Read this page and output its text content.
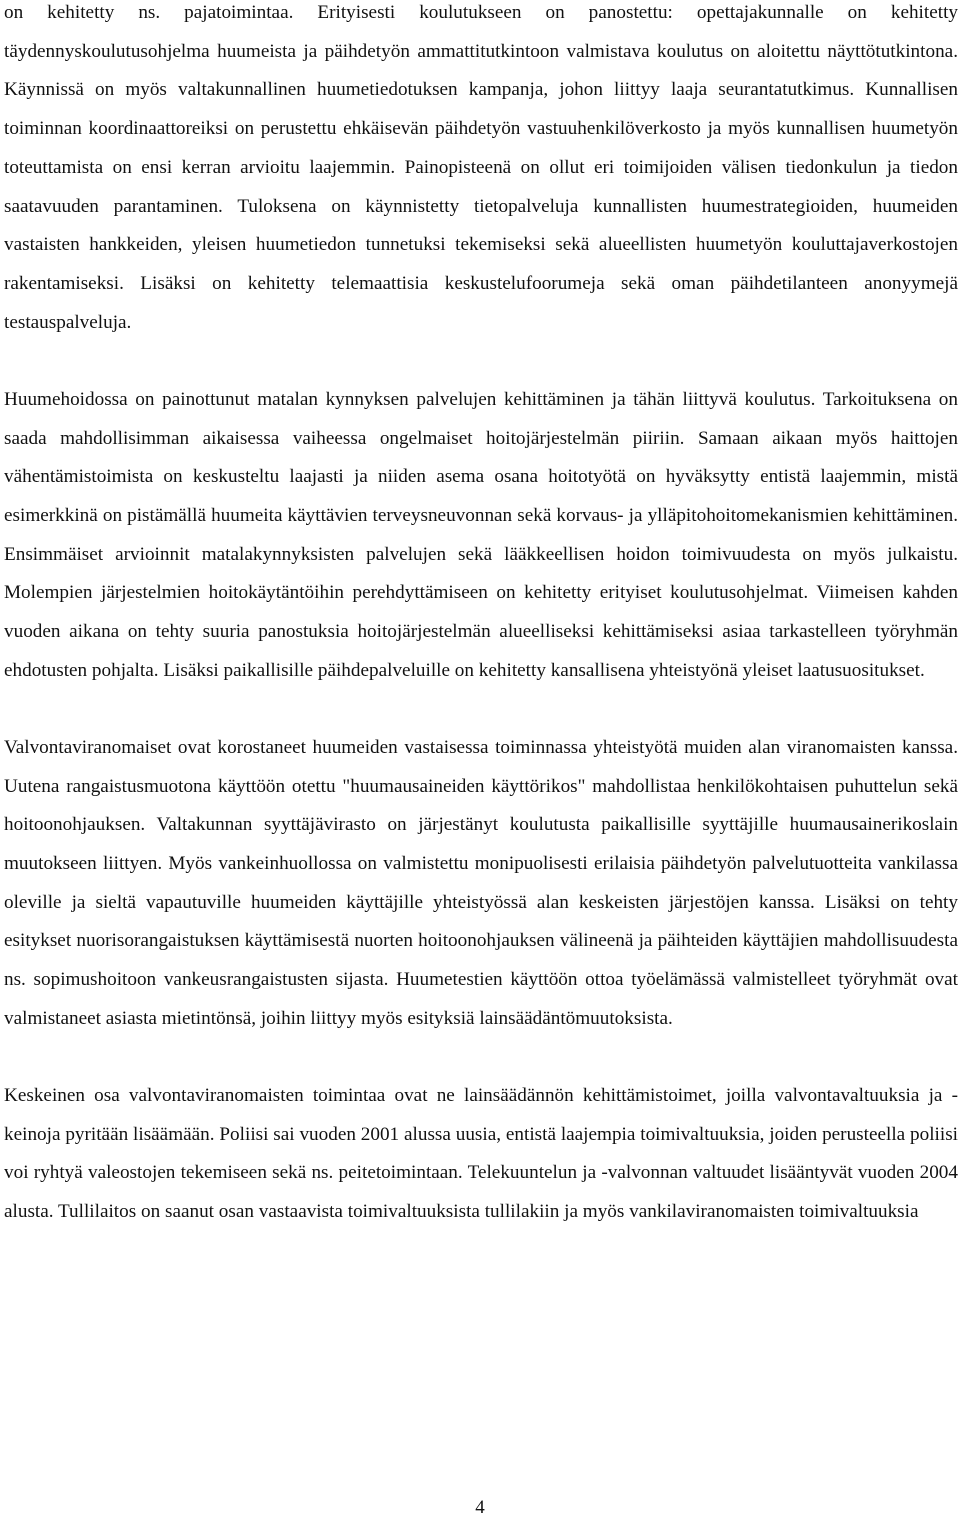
on kehitetty ns. pajatoimintaa. Erityisesti koulutukseen on panostettu: opettajakunnalle on kehitetty täydennyskoulutusohjelma huumeista ja päihdetyön ammattitutkintoon valmistava koulutus on aloitettu näyttötutkintona. Käynnissä on myös valtakunnallinen huumetiedotuksen kampanja, johon liittyy laaja seurantatutkimus. Kunnallisen toiminnan koordinaattoreiksi on perustettu ehkäisevän päihdetyön vastuuhenkilöverkosto ja myös kunnallisen huumetyön toteuttamista on ensi kerran arvioitu laajemmin. Painopisteenä on ollut eri toimijoiden välisen tiedonkulun ja tiedon saatavuuden parantaminen. Tuloksena on käynnistetty tietopalveluja kunnallisten huumestrategioiden, huumeiden vastaisten hankkeiden, yleisen huumetiedon tunnetuksi tekemiseksi sekä alueellisten huumetyön kouluttajaverkostojen rakentamiseksi. Lisäksi on kehitetty telemaattisia keskustelufoorumeja sekä oman päihdetilanteen anonyymejä testauspalveluja.

Huumehoidossa on painottunut matalan kynnyksen palvelujen kehittäminen ja tähän liittyvä koulutus. Tarkoituksena on saada mahdollisimman aikaisessa vaiheessa ongelmaiset hoitojärjestelmän piiriin. Samaan aikaan myös haittojen vähentämistoimista on keskusteltu laajasti ja niiden asema osana hoitotyötä on hyväksytty entistä laajemmin, mistä esimerkkinä on pistämällä huumeita käyttävien terveysneuvonnan sekä korvaus- ja ylläpitohoitomekanismien kehittäminen. Ensimmäiset arvioinnit matalakynnyksisten palvelujen sekä lääkkeellisen hoidon toimivuudesta on myös julkaistu. Molempien järjestelmien hoitokäytäntöihin perehdyttämiseen on kehitetty erityiset koulutusohjelmat. Viimeisen kahden vuoden aikana on tehty suuria panostuksia hoitojärjestelmän alueelliseksi kehittämiseksi asiaa tarkastelleen työryhmän ehdotusten pohjalta. Lisäksi paikallisille päihdepalveluille on kehitetty kansallisena yhteistyönä yleiset laatusuositukset.

Valvontaviranomaiset ovat korostaneet huumeiden vastaisessa toiminnassa yhteistyötä muiden alan viranomaisten kanssa. Uutena rangaistusmuotona käyttöön otettu "huumausaineiden käyttörikos" mahdollistaa henkilökohtaisen puhuttelun sekä hoitoonohjauksen. Valtakunnan syyttäjävirasto on järjestänyt koulutusta paikallisille syyttäjille huumausainerikoslain muutokseen liittyen. Myös vankeinhuollossa on valmistettu monipuolisesti erilaisia päihdetyön palvelutuotteita vankilassa oleville ja sieltä vapautuville huumeiden käyttäjille yhteistyössä alan keskeisten järjestöjen kanssa. Lisäksi on tehty esitykset nuorisorangaistuksen käyttämisestä nuorten hoitoonohjauksen välineenä ja päihteiden käyttäjien mahdollisuudesta ns. sopimushoitoon vankeusrangaistusten sijasta. Huumetestien käyttöön ottoa työelämässä valmistelleet työryhmät ovat valmistaneet asiasta mietintönsä, joihin liittyy myös esityksiä lainsäädäntömuutoksista.

Keskeinen osa valvontaviranomaisten toimintaa ovat ne lainsäädännön kehittämistoimet, joilla valvontavaltuuksia ja -keinoja pyritään lisäämään. Poliisi sai vuoden 2001 alussa uusia, entistä laajempia toimivaltuuksia, joiden perusteella poliisi voi ryhtyä valeostojen tekemiseen sekä ns. peitetoimintaan. Telekuuntelun ja -valvonnan valtuudet lisääntyvät vuoden 2004 alusta. Tullilaitos on saanut osan vastaavista toimivaltuuksista tullilakiin ja myös vankilaviranomaisten toimivaltuuksia

4
